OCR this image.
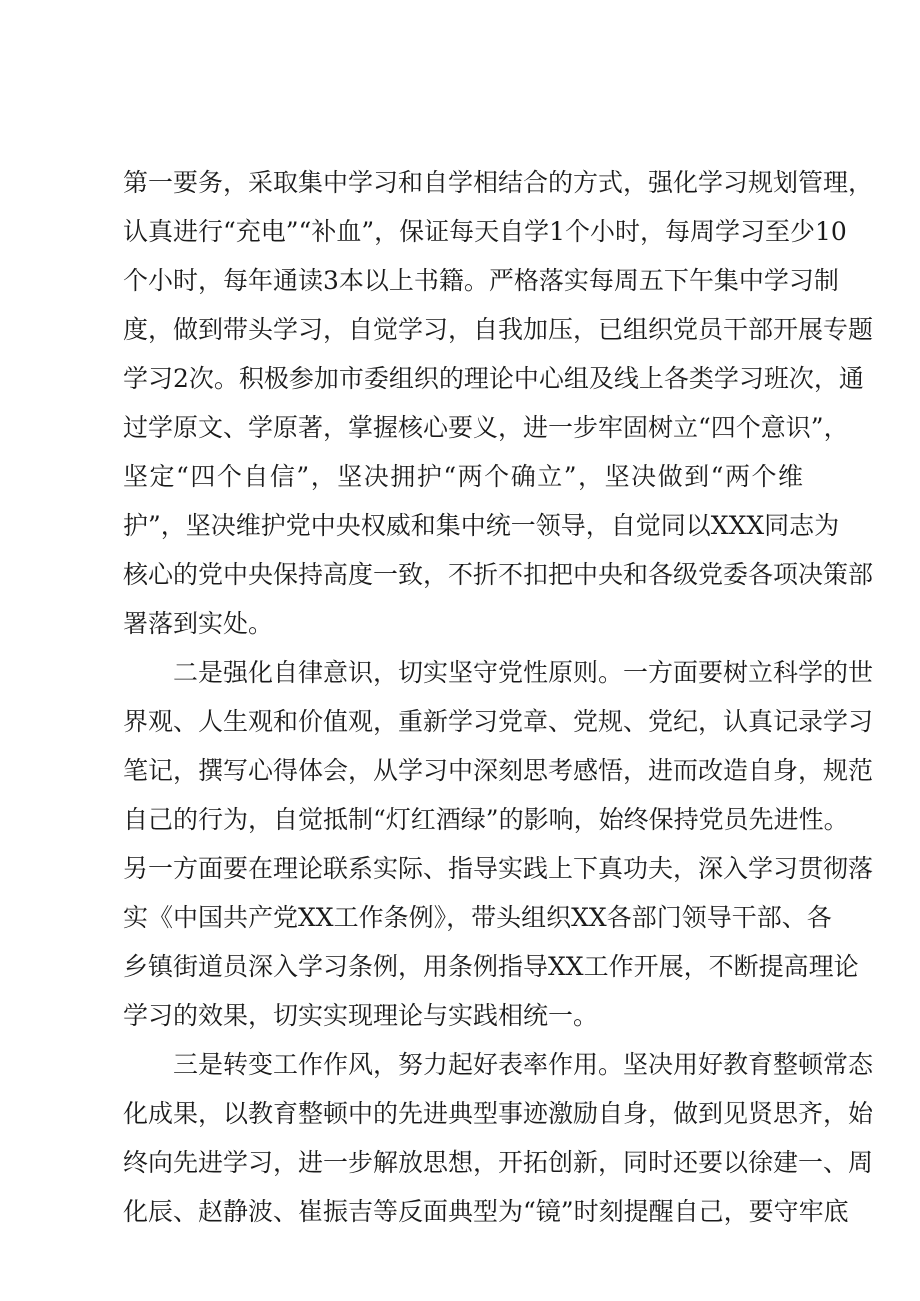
第一要务，采取集中学习和自学相结合的方式，强化学习规划管理，
认真进行“充电”“补血”，保证每天自学1个小时，每周学习至少10
个小时，每年通读3本以上书籍。严格落实每周五下午集中学习制
度，做到带头学习，自觉学习，自我加压，已组织党员干部开展专题
学习2次。积极参加市委组织的理论中心组及线上各类学习班次，通
过学原文、学原著，掌握核心要义，进一步牢固树立“四个意识”，
坚定“四个自信”，坚决拥护“两个确立”，坚决做到“两个维
护”，坚决维护党中央权威和集中统一领导，自觉同以XXX同志为
核心的党中央保持高度一致，不折不扣把中央和各级党委各项决策部
署落到实处。
二是强化自律意识，切实坚守党性原则。一方面要树立科学的世
界观、人生观和价值观，重新学习党章、党规、党纪，认真记录学习
笔记，撰写心得体会，从学习中深刻思考感悟，进而改造自身，规范
自己的行为，自觉抵制“灯红酒绿”的影响，始终保持党员先进性。
另一方面要在理论联系实际、指导实践上下真功夫，深入学习贯彻落
实《中国共产党XX工作条例》，带头组织XX各部门领导干部、各
乡镇街道员深入学习条例，用条例指导XX工作开展，不断提高理论
学习的效果，切实实现理论与实践相统一。
三是转变工作作风，努力起好表率作用。坚决用好教育整顿常态
化成果，以教育整顿中的先进典型事迹激励自身，做到见贤思齐，始
终向先进学习，进一步解放思想，开拓创新，同时还要以徐建一、周
化辰、赵静波、崔振吉等反面典型为“镜”时刻提醒自己，要守牢底
